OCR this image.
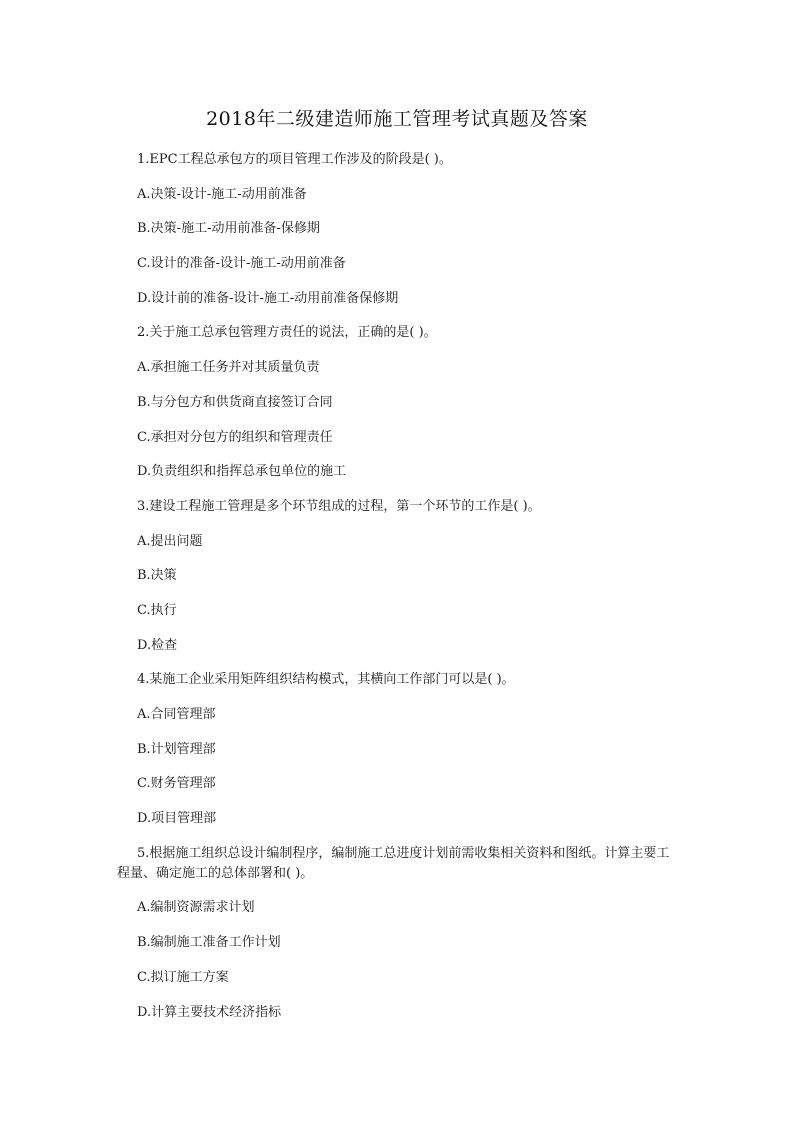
2018年二级建造师施工管理考试真题及答案

1.EPC工程总承包方的项目管理工作涉及的阶段是( )。

A.决策-设计-施工-动用前准备

B.决策-施工-动用前准备-保修期

C.设计的准备-设计-施工-动用前准备

D.设计前的准备-设计-施工-动用前准备保修期

2.关于施工总承包管理方责任的说法，正确的是( )。

A.承担施工任务并对其质量负责

B.与分包方和供货商直接签订合同

C.承担对分包方的组织和管理责任

D.负责组织和指挥总承包单位的施工

3.建设工程施工管理是多个环节组成的过程，第一个环节的工作是( )。

A.提出问题

B.决策

C.执行

D.检查

4.某施工企业采用矩阵组织结构模式，其横向工作部门可以是( )。

A.合同管理部

B.计划管理部

C.财务管理部

D.项目管理部

5.根据施工组织总设计编制程序，编制施工总进度计划前需收集相关资料和图纸。计算主要工程量、确定施工的总体部署和( )。

A.编制资源需求计划

B.编制施工准备工作计划

C.拟订施工方案

D.计算主要技术经济指标
